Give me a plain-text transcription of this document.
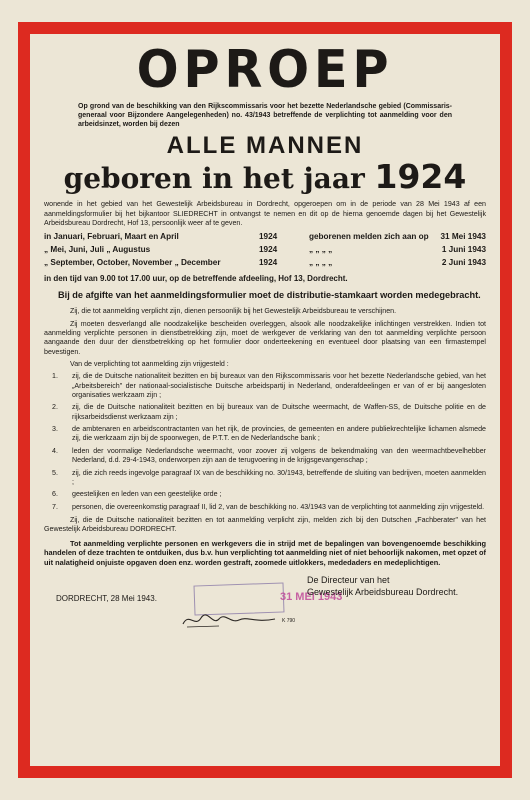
OPROEP

Op grond van de beschikking van den Rijkscommissaris voor het bezette Nederlandsche gebied (Commissaris-generaal voor Bijzondere Aangelegenheden) no. 43/1943 betreffende de verplichting tot aanmelding voor den arbeidsinzet, worden bij dezen

ALLE MANNEN
geboren in het jaar 1924

wonende in het gebied van het Gewestelijk Arbeidsbureau in Dordrecht, opgeroepen om in de periode van 28 Mei 1943 af een aanmeldingsformulier bij het bijkantoor SLIEDRECHT in ontvangst te nemen en dit op de hierna genoemde dagen bij het Gewestelijk Arbeidsbureau Dordrecht, Hof 13, persoonlijk weer af te geven.

in Januari, Februari, Maart en April	1924	geborenen melden zich aan op	31 Mei 1943
„ Mei, Juni, Juli „ Augustus	1924	„ „ „ „	1 Juni 1943
„ September, October, November „ December	1924	„ „ „ „	2 Juni 1943
in den tijd van 9.00 tot 17.00 uur, op de betreffende afdeeling, Hof 13, Dordrecht.
Bij de afgifte van het aanmeldingsformulier moet de distributie-stamkaart worden medegebracht.

Zij, die tot aanmelding verplicht zijn, dienen persoonlijk bij het Gewestelijk Arbeidsbureau te verschijnen.

Zij moeten desverlangd alle noodzakelijke bescheiden overleggen, alsook alle noodzakelijke inlichtingen verstrekken. Indien tot aanmelding verplichte personen in dienstbetrekking zijn, moet de werkgever de verklaring van den tot aanmelding verplichte persoon aangaande den duur der dienstbetrekking op het formulier door onderteekening en eventueel door plaatsing van een firmastempel bevestigen.

Van de verplichting tot aanmelding zijn vrijgesteld :

1.	zij, die de Duitsche nationaliteit bezitten en bij bureaux van den Rijkscommissaris voor het bezette Nederlandsche gebied, van het „Arbeitsbereich" der nationaal-socialistische Duitsche arbeidspartij in Nederland, onderafdeelingen er van of er bij aangesloten organisaties werkzaam zijn ;
2.	zij, die de Duitsche nationaliteit bezitten en bij bureaux van de Duitsche weermacht, de Waffen-SS, de Duitsche politie en de rijksarbeidsdienst werkzaam zijn ;
3.	de ambtenaren en arbeidscontractanten van het rijk, de provincies, de gemeenten en andere publiekrechtelijke lichamen alsmede zij, die werkzaam zijn bij de spoorwegen, de P.T.T. en de Nederlandsche bank ;
4.	leden der voormalige Nederlandsche weermacht, voor zoover zij volgens de bekendmaking van den weermachtbevelhebber Nederland, d.d. 29-4-1943, onderworpen zijn aan de terugvoering in de krijgsgevangenschap ;
5.	zij, die zich reeds ingevolge paragraaf IX van de beschikking no. 30/1943, betreffende de sluiting van bedrijven, moeten aanmelden ;
6.	geestelijken en leden van een geestelijke orde ;
7.	personen, die overeenkomstig paragraaf II, lid 2, van de beschikking no. 43/1943 van de verplichting tot aanmelding zijn vrijgesteld.

Zij, die de Duitsche nationaliteit bezitten en tot aanmelding verplicht zijn, melden zich bij den Dutschen „Fachberater" van het Gewestelijk Arbeidsbureau DORDRECHT.

Tot aanmelding verplichte personen en werkgevers die in strijd met de bepalingen van bovengenoemde beschikking handelen of deze trachten te ontduiken, dus b.v. hun verplichting tot aanmelding niet of niet behoorlijk nakomen, met opzet of uit nalatigheid onjuiste opgaven doen enz. worden gestraft, zoomede uitlokkers, mededaders en medeplichtigen.

DORDRECHT, 28 Mei 1943.	31 MEI 1943
K 790
De Directeur van het
Gewestelijk Arbeidsbureau Dordrecht.
